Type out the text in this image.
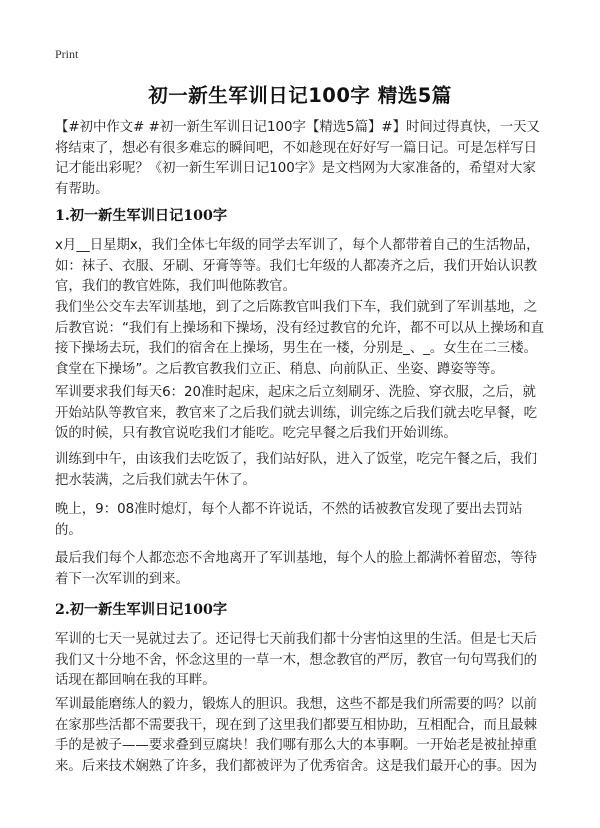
Print
初一新生军训日记100字 精选5篇

【#初中作文# #初一新生军训日记100字【精选5篇】#】时间过得真快，一天又将结束了，想必有很多难忘的瞬间吧，不如趁现在好好写一篇日记。可是怎样写日记才能出彩呢？《初一新生军训日记100字》是文档网为大家准备的，希望对大家有帮助。

1.初一新生军训日记100字

x月__日星期x，我们全体七年级的同学去军训了，每个人都带着自己的生活物品，如：袜子、衣服、牙刷、牙膏等等。我们七年级的人都凑齐之后，我们开始认识教官，我们的教官姓陈，我们叫他陈教官。

我们坐公交车去军训基地，到了之后陈教官叫我们下车，我们就到了军训基地，之后教官说：“我们有上操场和下操场，没有经过教官的允许，都不可以从上操场和直接下操场去玩，我们的宿舍在上操场，男生在一楼，分别是_、_。女生在二三楼。食堂在下操场”。之后教官教我们立正、稍息、向前队正、坐姿、蹲姿等等。

军训要求我们每天6：20准时起床，起床之后立刻刷牙、洗脸、穿衣服，之后，就开始站队等教官来，教官来了之后我们就去训练，训完练之后我们就去吃早餐，吃饭的时候，只有教官说吃我们才能吃。吃完早餐之后我们开始训练。

训练到中午，由该我们去吃饭了，我们站好队，进入了饭堂，吃完午餐之后，我们把水装满，之后我们就去午休了。

晚上，9：08准时熄灯，每个人都不许说话，不然的话被教官发现了要出去罚站的。

最后我们每个人都恋恋不舍地离开了军训基地，每个人的脸上都满怀着留恋，等待着下一次军训的到来。

2.初一新生军训日记100字

军训的七天一晃就过去了。还记得七天前我们都十分害怕这里的生活。但是七天后我们又十分地不舍，怀念这里的一草一木，想念教官的严厉，教官一句句骂我们的话现在都回响在我的耳畔。

军训最能磨练人的毅力，锻炼人的胆识。我想，这些不都是我们所需要的吗？以前在家那些活都不需要我干，现在到了这里我们都要互相协助，互相配合，而且最棘手的是被子——要求叠到豆腐块！我们哪有那么大的本事啊。一开始老是被扯掉重来。后来技术娴熟了许多，我们都被评为了优秀宿舍。这是我们最开心的事。因为
